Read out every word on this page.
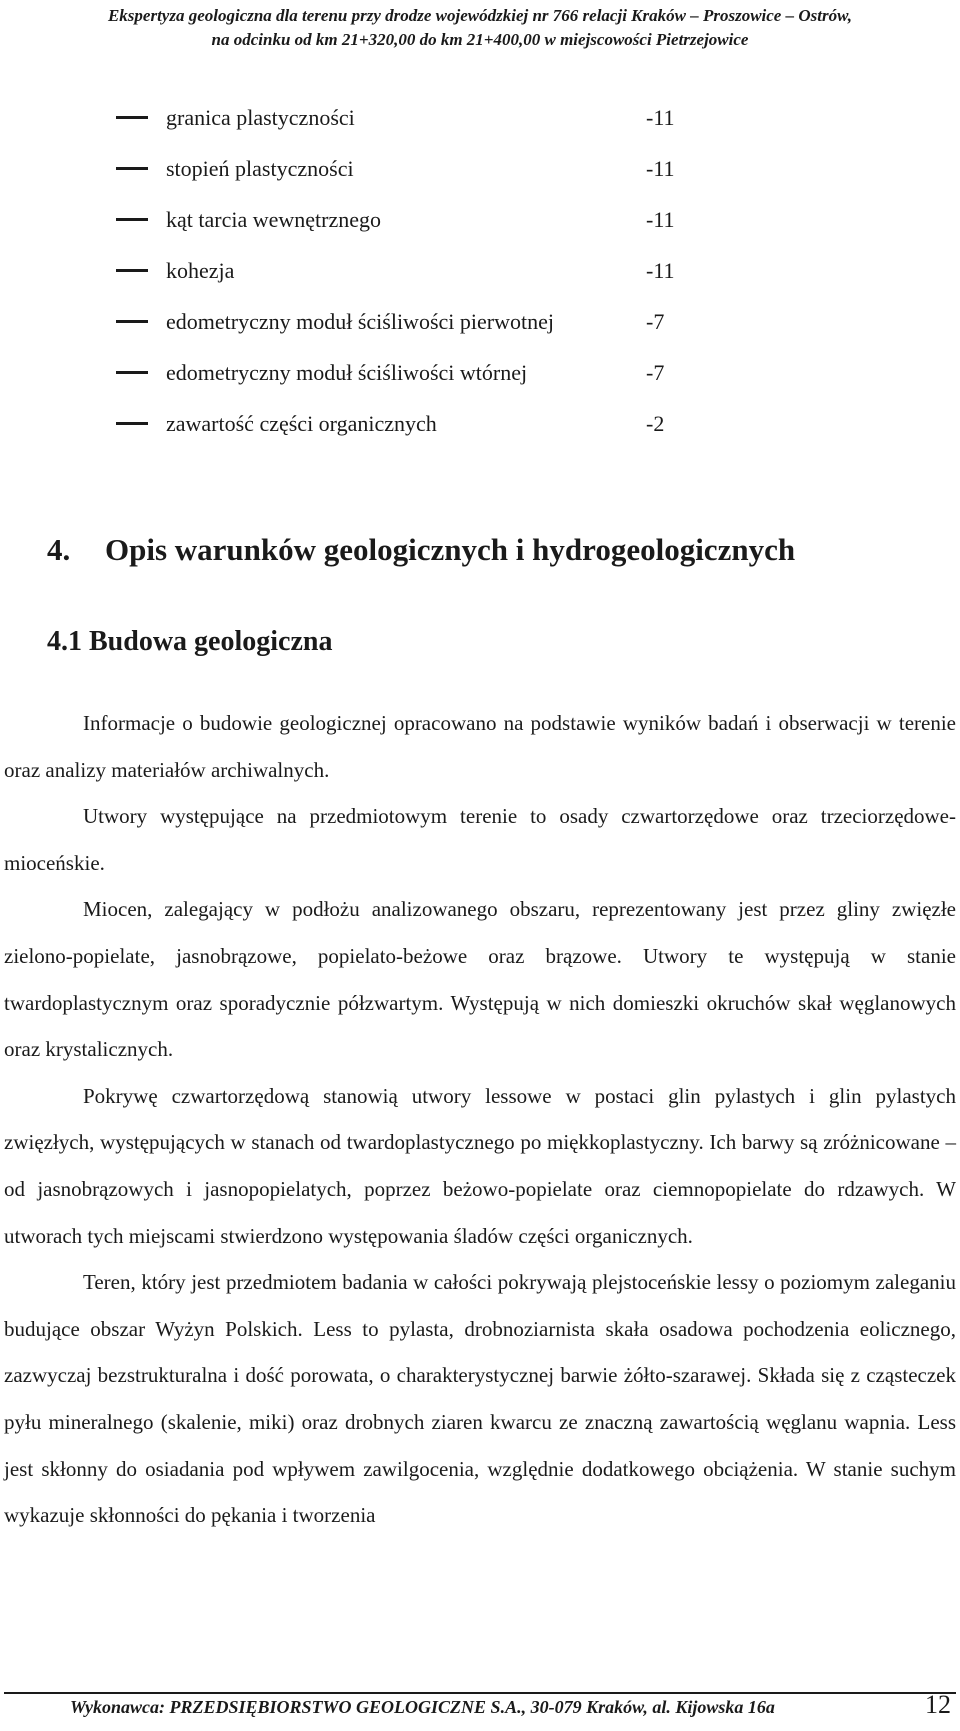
Ekspertyza geologiczna dla terenu przy drodze wojewódzkiej nr 766 relacji Kraków – Proszowice – Ostrów,
na odcinku od km 21+320,00 do km 21+400,00 w miejscowości Pietrzejowice
granica plastyczności	-11
stopień plastyczności	-11
kąt tarcia wewnętrznego	-11
kohezja	-11
edometryczny moduł ściśliwości pierwotnej	-7
edometryczny moduł ściśliwości wtórnej	-7
zawartość części organicznych	-2
4. Opis warunków geologicznych i hydrogeologicznych
4.1 Budowa geologiczna

Informacje o budowie geologicznej opracowano na podstawie wyników badań i obserwacji w terenie oraz analizy materiałów archiwalnych.

Utwory występujące na przedmiotowym terenie to osady czwartorzędowe oraz trzeciorzędowe-mioceńskie.

Miocen, zalegający w podłożu analizowanego obszaru, reprezentowany jest przez gliny zwięzłe zielono-popielate, jasnobrązowe, popielato-beżowe oraz brązowe. Utwory te występują w stanie twardoplastycznym oraz sporadycznie półzwartym. Występują w nich domieszki okruchów skał węglanowych oraz krystalicznych.

Pokrywę czwartorzędową stanowią utwory lessowe w postaci glin pylastych i glin pylastych zwięzłych, występujących w stanach od twardoplastycznego po miękkoplastyczny. Ich barwy są zróżnicowane – od jasnobrązowych i jasnopopielatych, poprzez beżowo-popielate oraz ciemnopopielate do rdzawych. W utworach tych miejscami stwierdzono występowania śladów części organicznych.

Teren, który jest przedmiotem badania w całości pokrywają plejstoceńskie lessy o poziomym zaleganiu budujące obszar Wyżyn Polskich. Less to pylasta, drobnoziarnista skała osadowa pochodzenia eolicznego, zazwyczaj bezstrukturalna i dość porowata, o charakterystycznej barwie żółto-szarawej. Składa się z cząsteczek pyłu mineralnego (skalenie, miki) oraz drobnych ziaren kwarcu ze znaczną zawartością węglanu wapnia. Less jest skłonny do osiadania pod wpływem zawilgocenia, względnie dodatkowego obciążenia. W stanie suchym wykazuje skłonności do pękania i tworzenia

Wykonawca: PRZEDSIĘBIORSTWO GEOLOGICZNE S.A., 30-079 Kraków, al. Kijowska 16a	12
